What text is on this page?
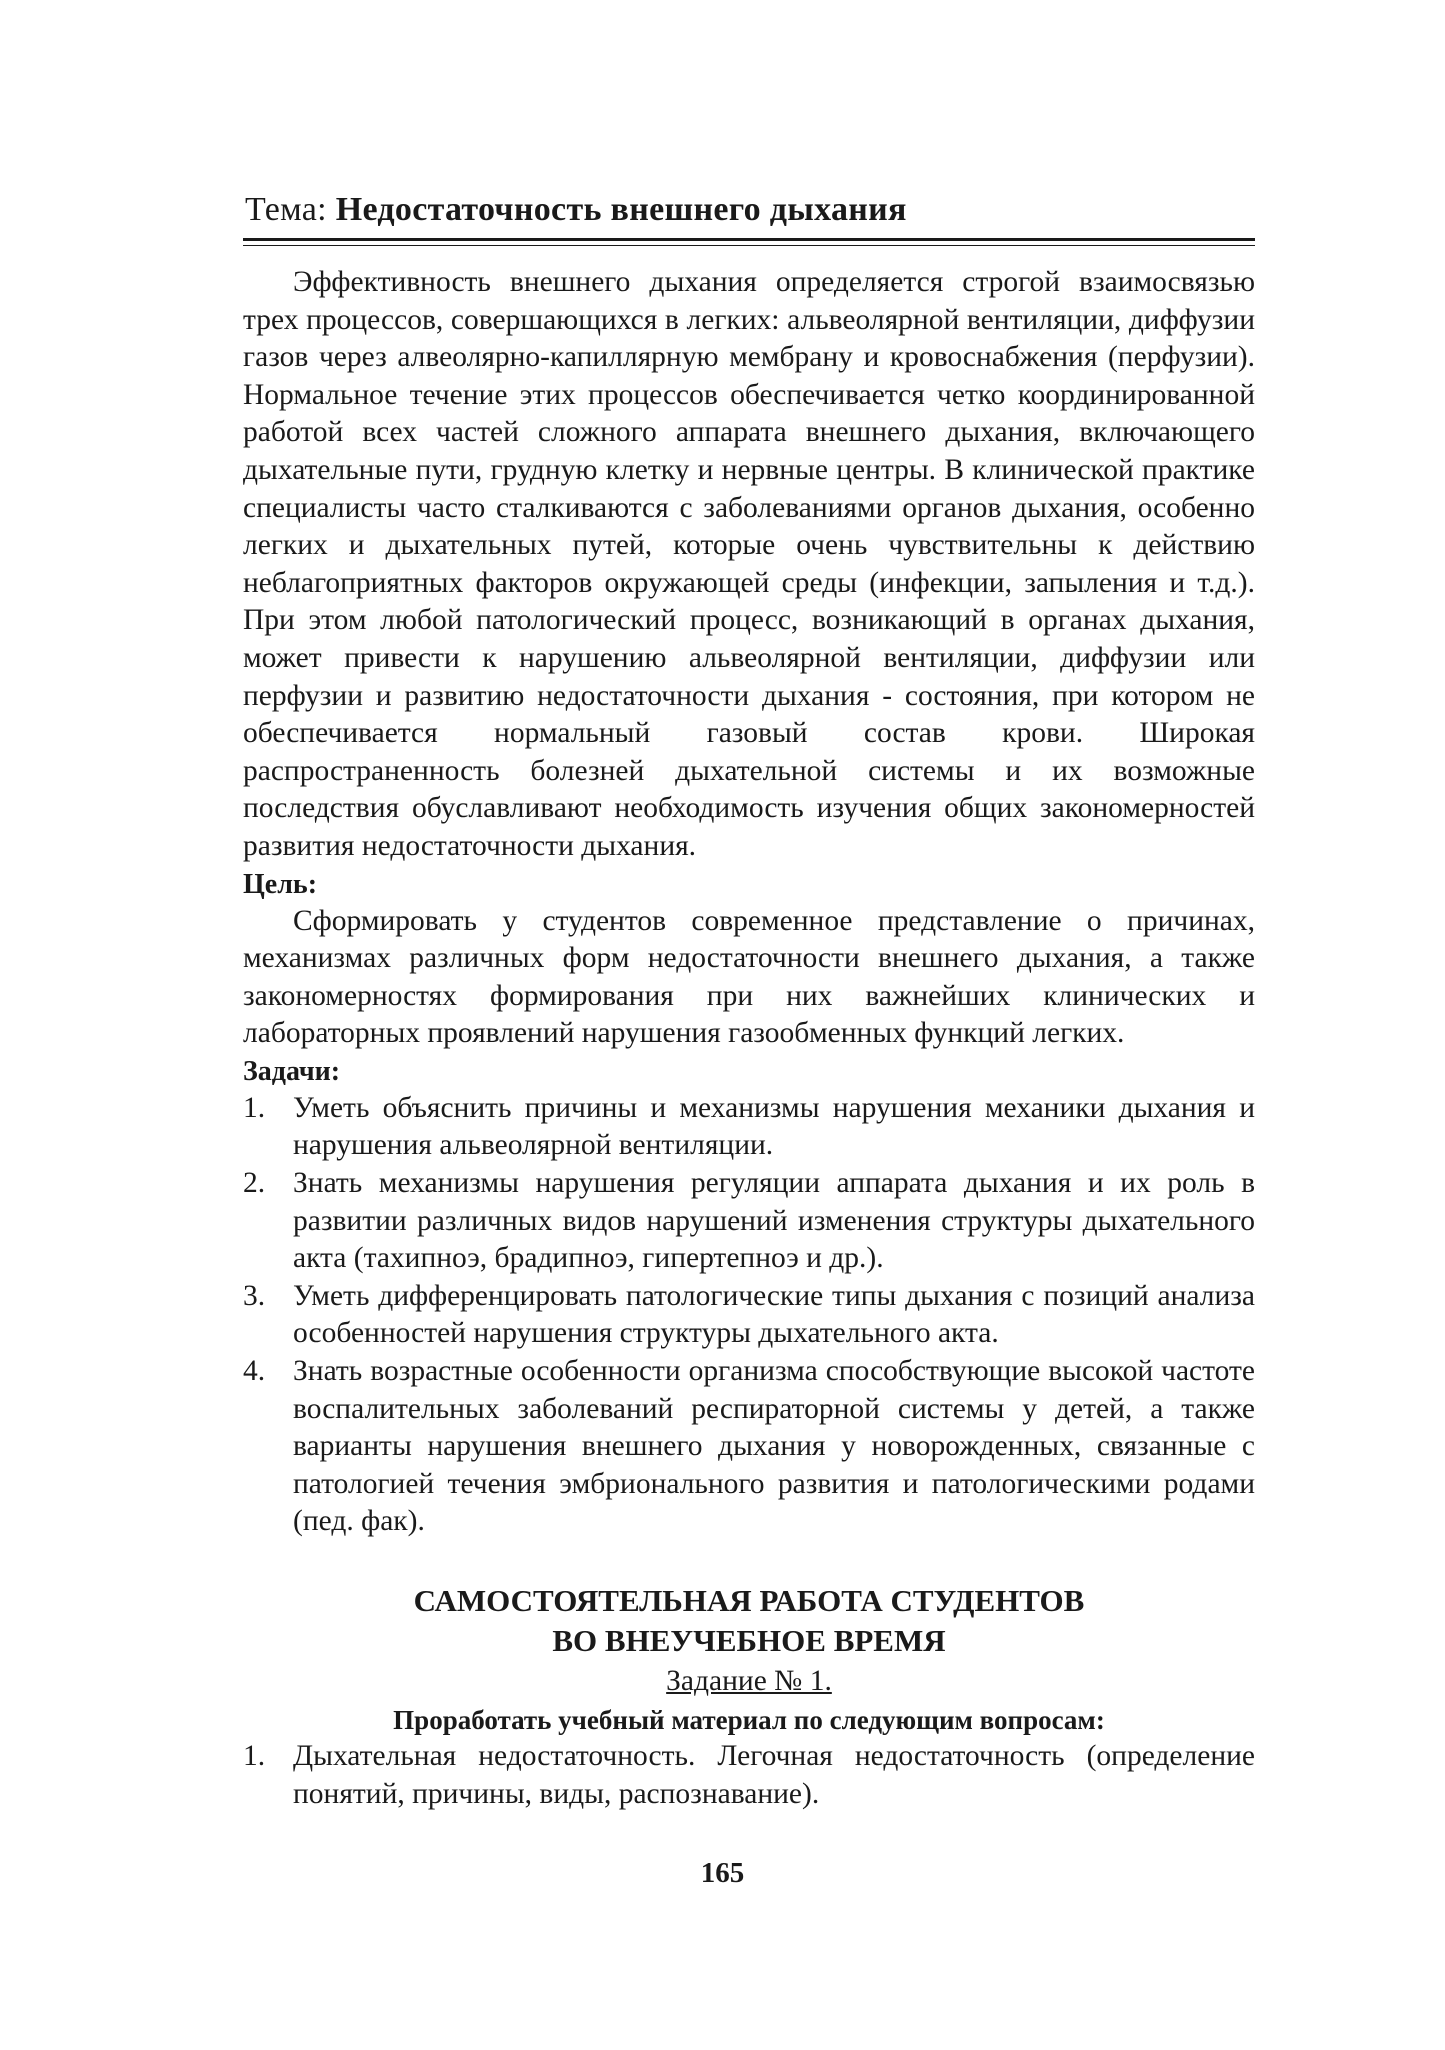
Тема: Недостаточность внешнего дыхания

Эффективность внешнего дыхания определяется строгой взаимосвязью трех процессов, совершающихся в легких: альвеолярной вентиляции, диффузии газов через алвеолярно-капиллярную мембрану и кровоснабжения (перфузии). Нормальное течение этих процессов обеспечивается четко координированной работой всех частей сложного аппарата внешнего дыхания, включающего дыхательные пути, грудную клетку и нервные центры. В клинической практике специалисты часто сталкиваются с заболеваниями органов дыхания, особенно легких и дыхательных путей, которые очень чувствительны к действию неблагоприятных факторов окружающей среды (инфекции, запыления и т.д.). При этом любой патологический процесс, возникающий в органах дыхания, может привести к нарушению альвеолярной вентиляции, диффузии или перфузии и развитию недостаточности дыхания - состояния, при котором не обеспечивается нормальный газовый состав крови. Широкая распространенность болезней дыхательной системы и их возможные последствия обуславливают необходимость изучения общих закономерностей развития недостаточности дыхания.

Цель:

Сформировать у студентов современное представление о причинах, механизмах различных форм недостаточности внешнего дыхания, а также закономерностях формирования при них важнейших клинических и лабораторных проявлений нарушения газообменных функций легких.

Задачи:

1. Уметь объяснить причины и механизмы нарушения механики дыхания и нарушения альвеолярной вентиляции.
2. Знать механизмы нарушения регуляции аппарата дыхания и их роль в развитии различных видов нарушений изменения структуры дыхательного акта (тахипноэ, брадипноэ, гипертепноэ и др.).
3. Уметь дифференцировать патологические типы дыхания с позиций анализа особенностей нарушения структуры дыхательного акта.
4. Знать возрастные особенности организма способствующие высокой частоте воспалительных заболеваний респираторной системы у детей, а также варианты нарушения внешнего дыхания у новорожденных, связанные с патологией течения эмбрионального развития и патологическими родами (пед. фак).

САМОСТОЯТЕЛЬНАЯ РАБОТА СТУДЕНТОВ

ВО ВНЕУЧЕБНОЕ ВРЕМЯ

Задание № 1.

Проработать учебный материал по следующим вопросам:

1. Дыхательная недостаточность. Легочная недостаточность (определение понятий, причины, виды, распознавание).
165
